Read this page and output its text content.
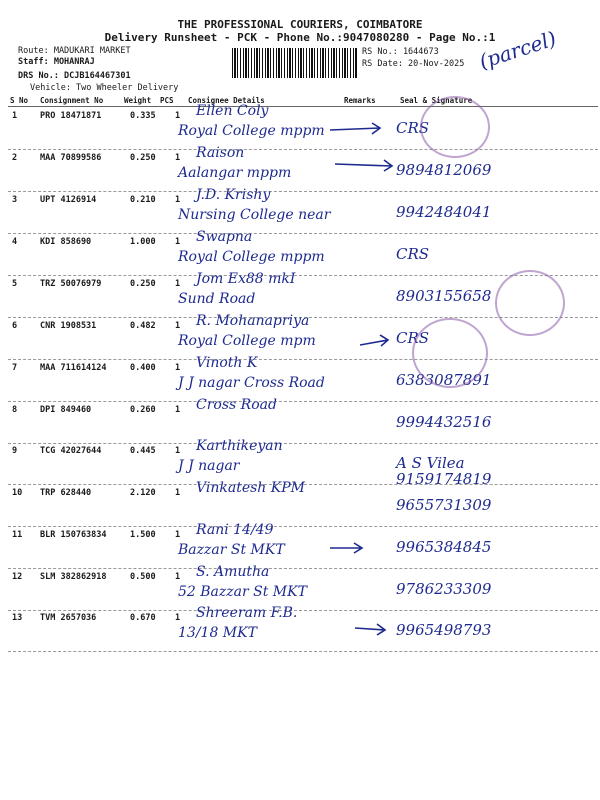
THE PROFESSIONAL COURIERS, COIMBATORE
Delivery Runsheet - PCK - Phone No.:9047080280 - Page No.:1
Route: MADUKARI MARKET
Staff: MOHANRAJ
DRS No.: DCJB164467301
Vehicle: Two Wheeler Delivery
RS No.: 1644673
RS Date: 20-Nov-2025 (parcel)
S No Consignment No	Weight PCS Consignee Details	Remarks	Seal & Signature
1	PRO 18471871	0.335 1 Ellen Coly
Royal College mppm	CRS
2	MAA 70899586	0.250 1 Raison
Aalangar mppm	9894812069
3	UPT 4126914	0.210 1 J.D. Krishy
Nursing College near	9942484041
4	KDI 858690	1.000 1 Swapna
Royal College mppm	CRS
5	TRZ 50076979	0.250 1 Jom Ex88 mkI
Sund Road	8903155658
6	CNR 1908531	0.482 1 R. Mohanapriya
Royal College mpm	CRS
7	MAA 711614124	0.400 1 Vinoth K
J J nagar Cross Road	6383087891
8	DPI 849460	0.260 1 Cross Road
9994432516
9	TCG 42027644	0.445 1 Karthikeyan
J J nagar	A S Vilea
9159174819
10 TRP 628440	2.120 1 Vinkatesh KPM
9655731309
11 BLR 150763834	1.500 1 Rani 14/49
Bazzar St MKT	9965384845
12 SLM 382862918	0.500 1 S. Amutha
52 Bazzar St MKT	9786233309
13 TVM 2657036	0.670 1 Shreeram F.B.
13/18 MKT	9965498793
